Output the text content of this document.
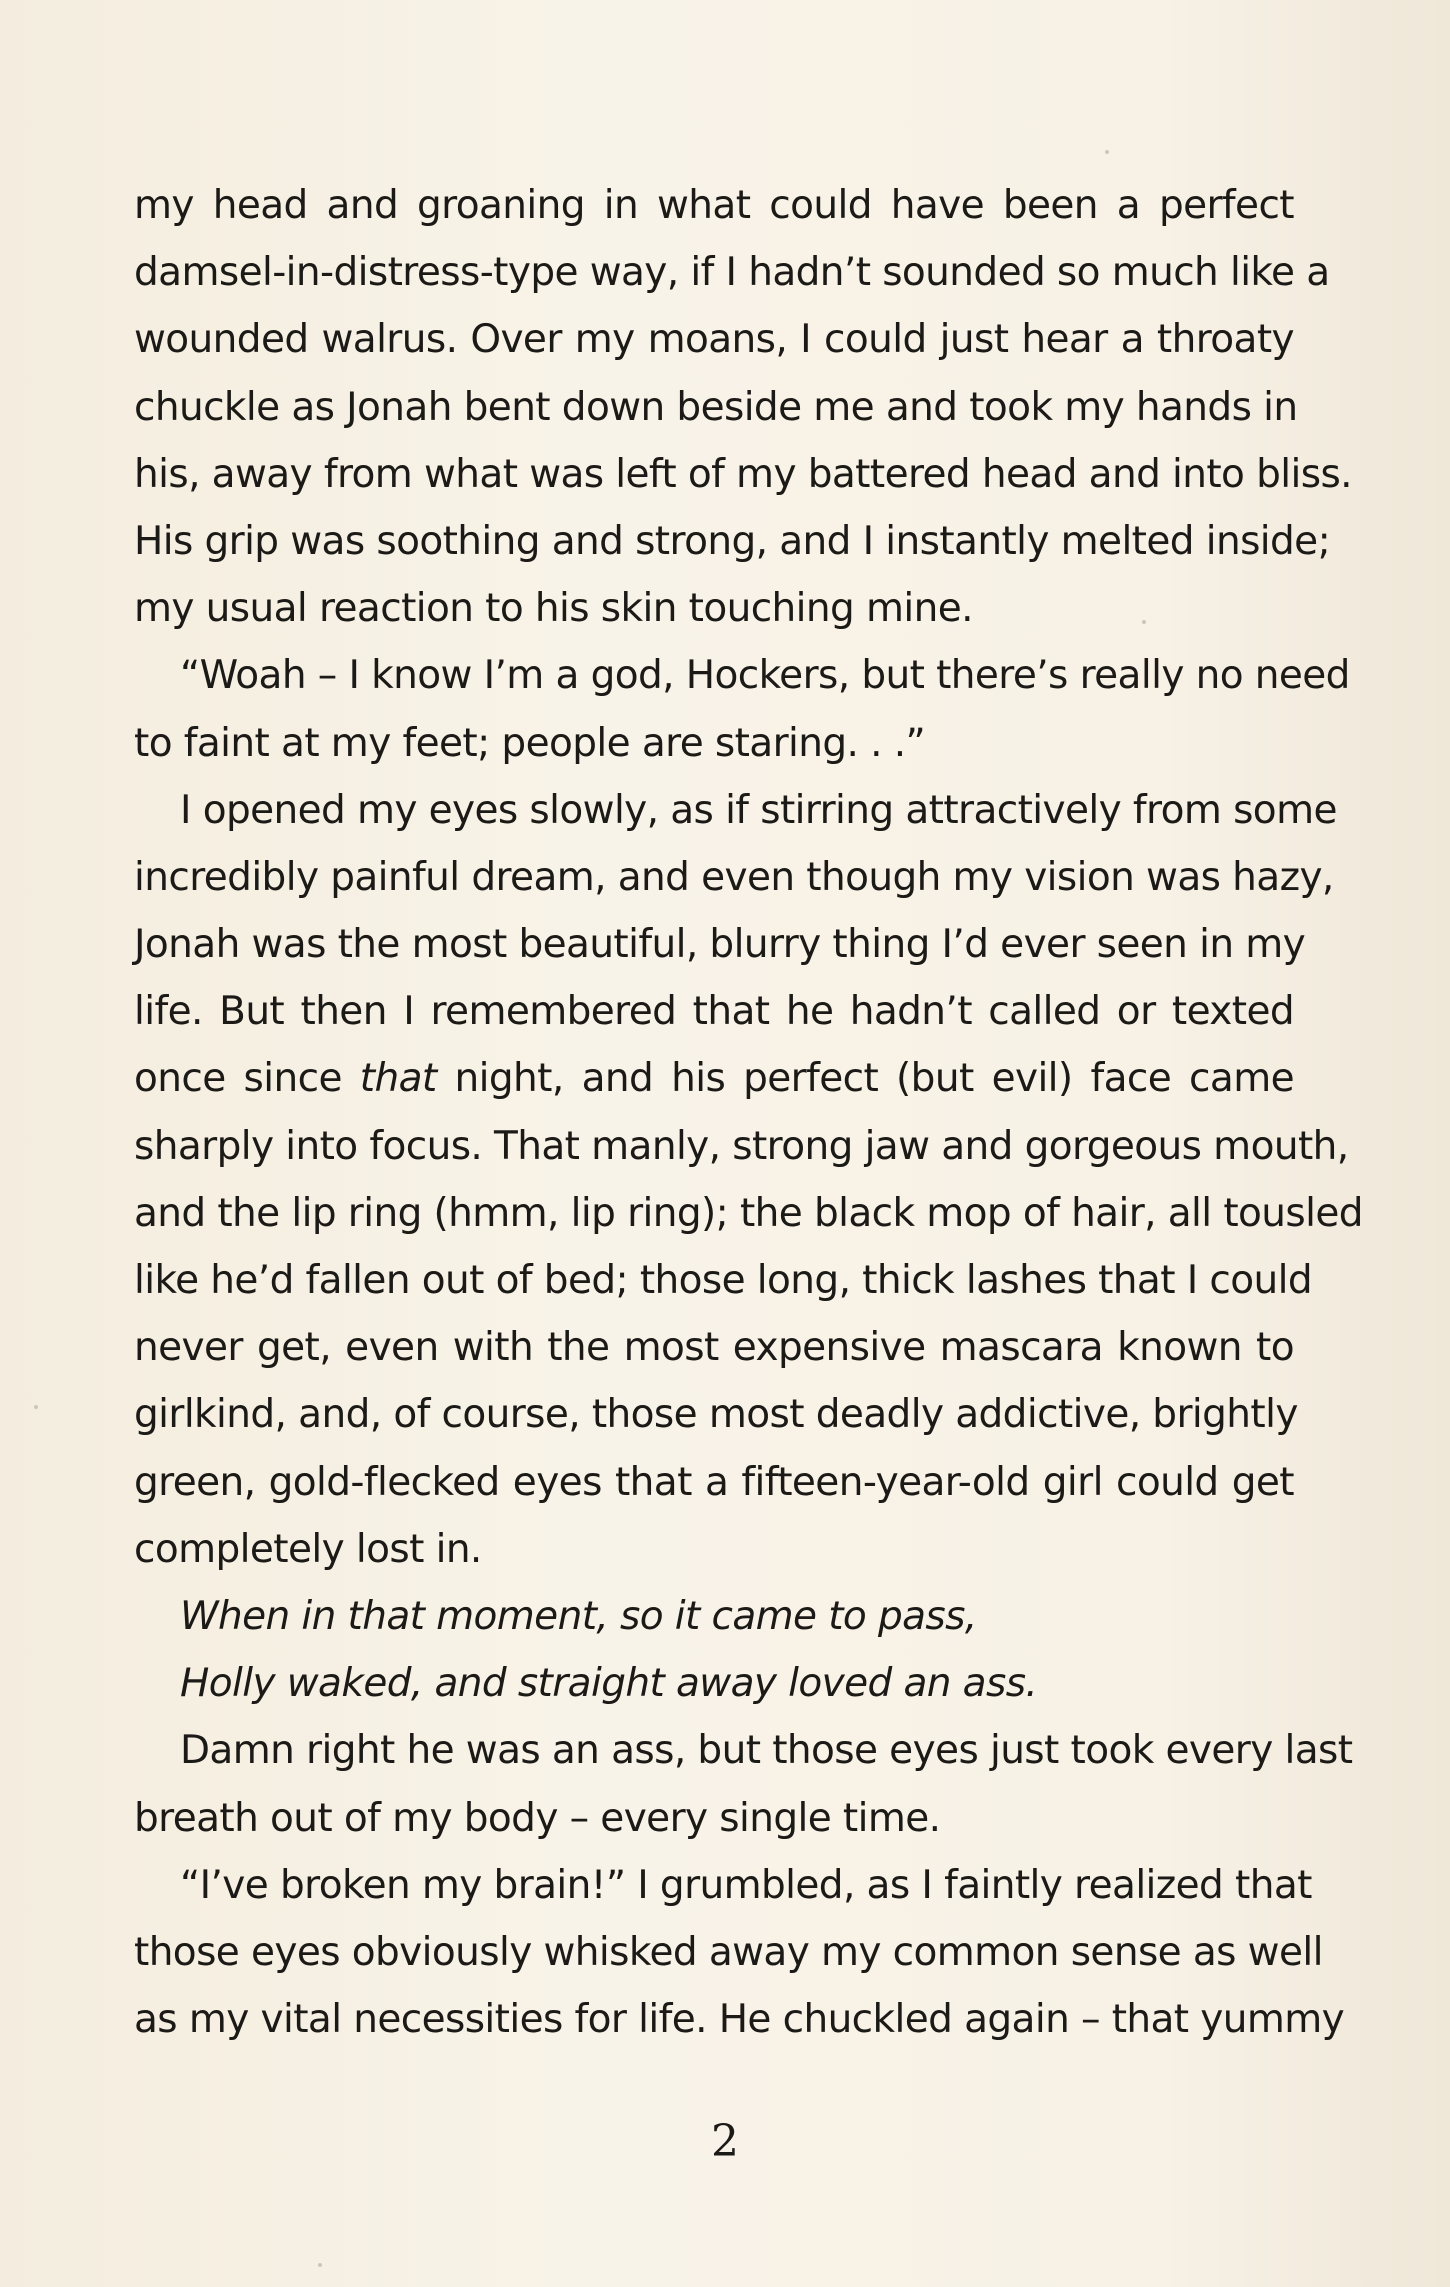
my head and groaning in what could have been a perfect
damsel-in-distress-type way, if I hadn’t sounded so much like a
wounded walrus. Over my moans, I could just hear a throaty
chuckle as Jonah bent down beside me and took my hands in
his, away from what was left of my battered head and into bliss.
His grip was soothing and strong, and I instantly melted inside;
my usual reaction to his skin touching mine.
“Woah – I know I’m a god, Hockers, but there’s really no need
to faint at my feet; people are staring. . .”
I opened my eyes slowly, as if stirring attractively from some
incredibly painful dream, and even though my vision was hazy,
Jonah was the most beautiful, blurry thing I’d ever seen in my
life. But then I remembered that he hadn’t called or texted
once since that night, and his perfect (but evil) face came
sharply into focus. That manly, strong jaw and gorgeous mouth,
and the lip ring (hmm, lip ring); the black mop of hair, all tousled
like he’d fallen out of bed; those long, thick lashes that I could
never get, even with the most expensive mascara known to
girlkind, and, of course, those most deadly addictive, brightly
green, gold-flecked eyes that a fifteen-year-old girl could get
completely lost in.
When in that moment, so it came to pass,
Holly waked, and straight away loved an ass.
Damn right he was an ass, but those eyes just took every last
breath out of my body – every single time.
“I’ve broken my brain!” I grumbled, as I faintly realized that
those eyes obviously whisked away my common sense as well
as my vital necessities for life. He chuckled again – that yummy
2
